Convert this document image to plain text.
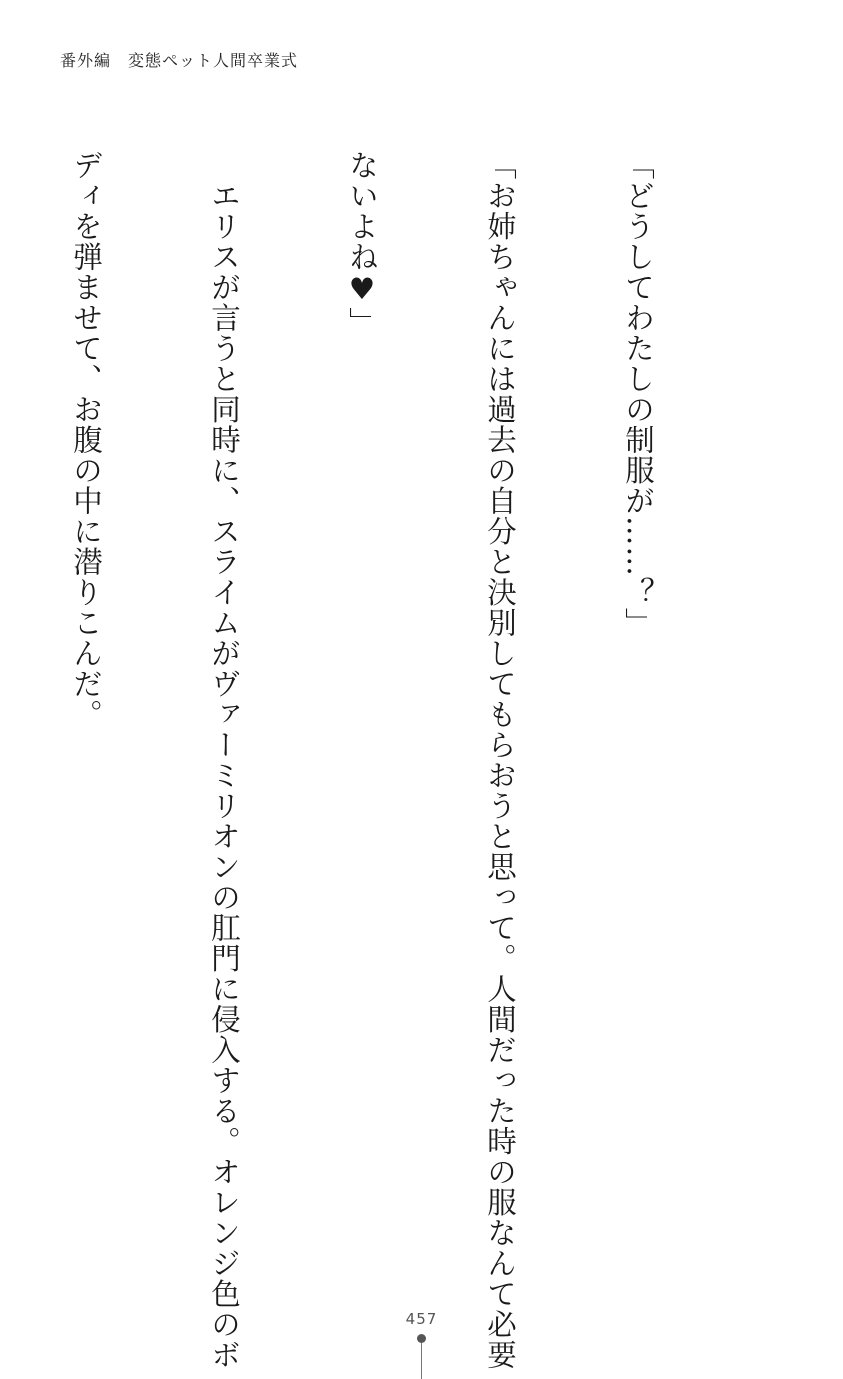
番外編　変態ペット人間卒業式

「どうしてわたしの制服が……？」

「お姉ちゃんには過去の自分と決別してもらおうと思って。人間だった時の服なんて必要

ないよね♥」

　エリスが言うと同時に、スライムがヴァーミリオンの肛門に侵入する。オレンジ色のボ

ディを弾ませて、お腹の中に潜りこんだ。

457
